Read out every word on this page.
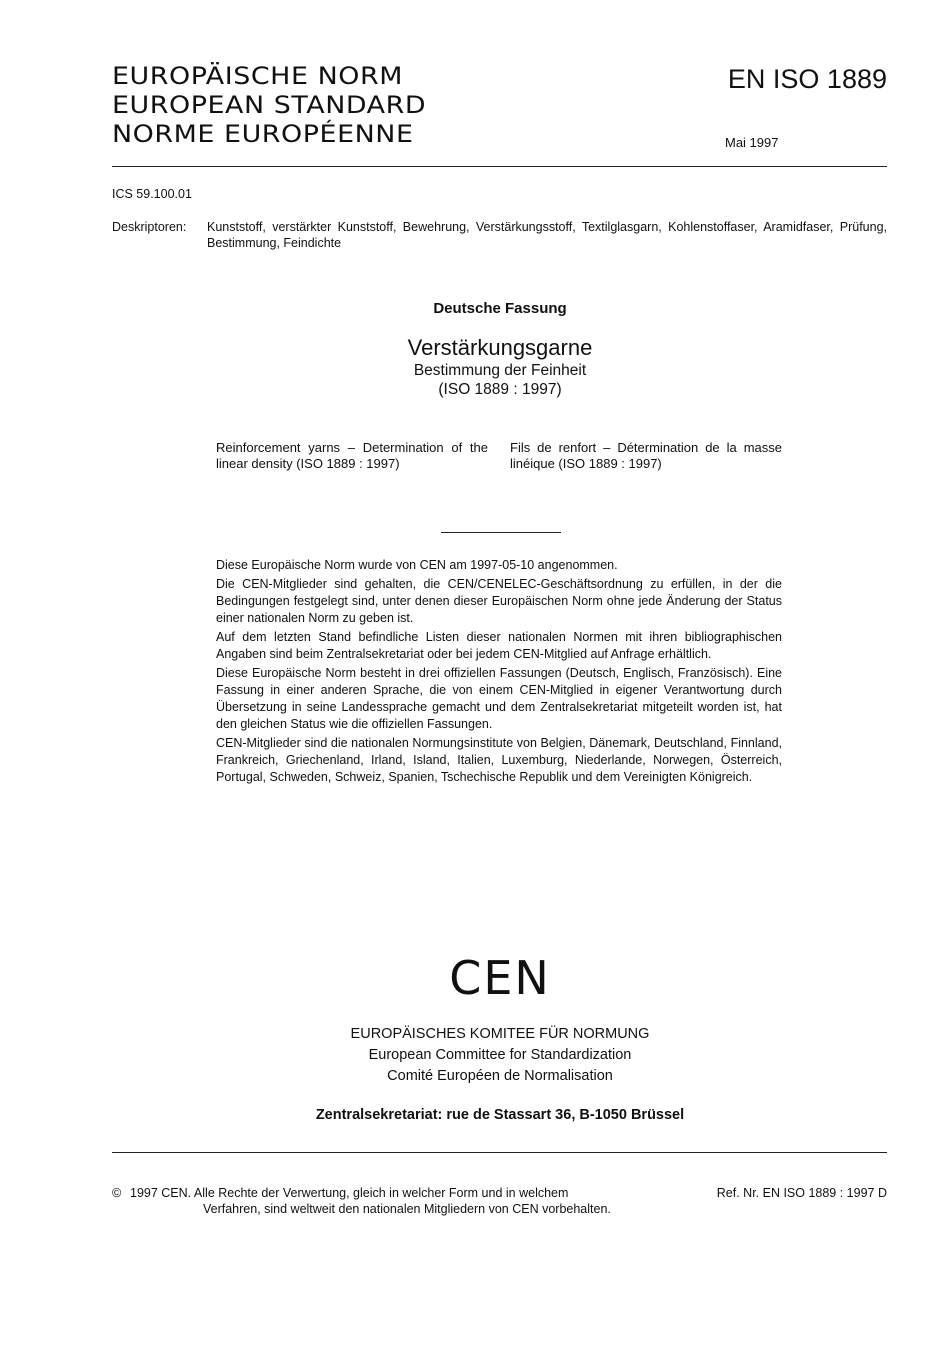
EUROPÄISCHE NORM
EUROPEAN STANDARD
NORME EUROPÉENNE
EN ISO 1889
Mai 1997
ICS 59.100.01
Deskriptoren: Kunststoff, verstärkter Kunststoff, Bewehrung, Verstärkungsstoff, Textilglasgarn, Kohlenstoffaser, Aramidfaser, Prüfung, Bestimmung, Feindichte
Deutsche Fassung
Verstärkungsgarne
Bestimmung der Feinheit
(ISO 1889 : 1997)
Reinforcement yarns – Determination of the linear density (ISO 1889 : 1997)
Fils de renfort – Détermination de la masse linéique (ISO 1889 : 1997)

Diese Europäische Norm wurde von CEN am 1997-05-10 angenommen.

Die CEN-Mitglieder sind gehalten, die CEN/CENELEC-Geschäftsordnung zu erfüllen, in der die Bedingungen festgelegt sind, unter denen dieser Europäischen Norm ohne jede Änderung der Status einer nationalen Norm zu geben ist.

Auf dem letzten Stand befindliche Listen dieser nationalen Normen mit ihren bibliographischen Angaben sind beim Zentralsekretariat oder bei jedem CEN-Mitglied auf Anfrage erhältlich.

Diese Europäische Norm besteht in drei offiziellen Fassungen (Deutsch, Englisch, Französisch). Eine Fassung in einer anderen Sprache, die von einem CEN-Mitglied in eigener Verantwortung durch Übersetzung in seine Landessprache gemacht und dem Zentralsekretariat mitgeteilt worden ist, hat den gleichen Status wie die offiziellen Fassungen.

CEN-Mitglieder sind die nationalen Normungsinstitute von Belgien, Dänemark, Deutschland, Finnland, Frankreich, Griechenland, Irland, Island, Italien, Luxemburg, Niederlande, Norwegen, Österreich, Portugal, Schweden, Schweiz, Spanien, Tschechische Republik und dem Vereinigten Königreich.

CEN
EUROPÄISCHES KOMITEE FÜR NORMUNG
European Committee for Standardization
Comité Européen de Normalisation
Zentralsekretariat: rue de Stassart 36, B-1050 Brüssel
© 1997 CEN. Alle Rechte der Verwertung, gleich in welcher Form und in welchem
Verfahren, sind weltweit den nationalen Mitgliedern von CEN vorbehalten.
Ref. Nr. EN ISO 1889 : 1997 D
